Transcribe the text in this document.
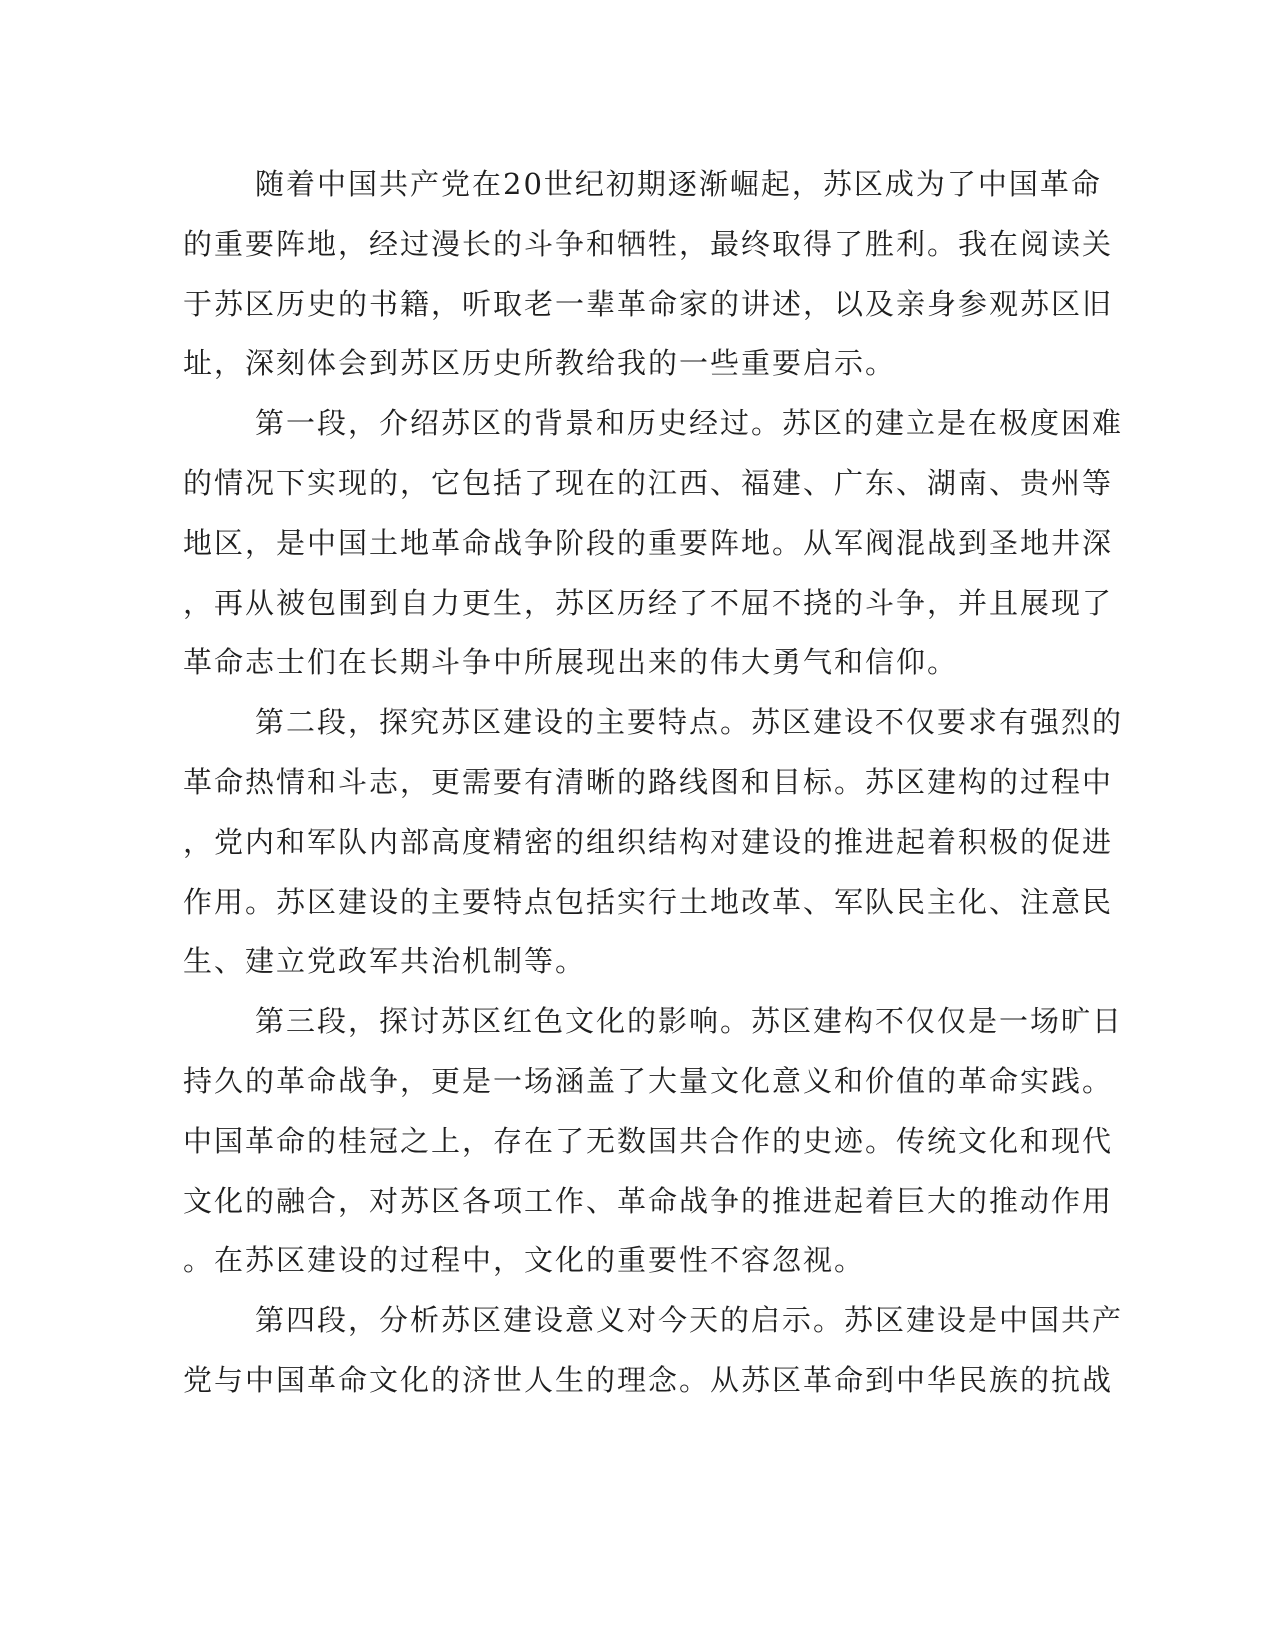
随着中国共产党在20世纪初期逐渐崛起，苏区成为了中国革命
的重要阵地，经过漫长的斗争和牺牲，最终取得了胜利。我在阅读关
于苏区历史的书籍，听取老一辈革命家的讲述，以及亲身参观苏区旧
址，深刻体会到苏区历史所教给我的一些重要启示。

第一段，介绍苏区的背景和历史经过。苏区的建立是在极度困难
的情况下实现的，它包括了现在的江西、福建、广东、湖南、贵州等
地区，是中国土地革命战争阶段的重要阵地。从军阀混战到圣地井深
，再从被包围到自力更生，苏区历经了不屈不挠的斗争，并且展现了
革命志士们在长期斗争中所展现出来的伟大勇气和信仰。

第二段，探究苏区建设的主要特点。苏区建设不仅要求有强烈的
革命热情和斗志，更需要有清晰的路线图和目标。苏区建构的过程中
，党内和军队内部高度精密的组织结构对建设的推进起着积极的促进
作用。苏区建设的主要特点包括实行土地改革、军队民主化、注意民
生、建立党政军共治机制等。

第三段，探讨苏区红色文化的影响。苏区建构不仅仅是一场旷日
持久的革命战争，更是一场涵盖了大量文化意义和价值的革命实践。
中国革命的桂冠之上，存在了无数国共合作的史迹。传统文化和现代
文化的融合，对苏区各项工作、革命战争的推进起着巨大的推动作用
。在苏区建设的过程中，文化的重要性不容忽视。

第四段，分析苏区建设意义对今天的启示。苏区建设是中国共产
党与中国革命文化的济世人生的理念。从苏区革命到中华民族的抗战
